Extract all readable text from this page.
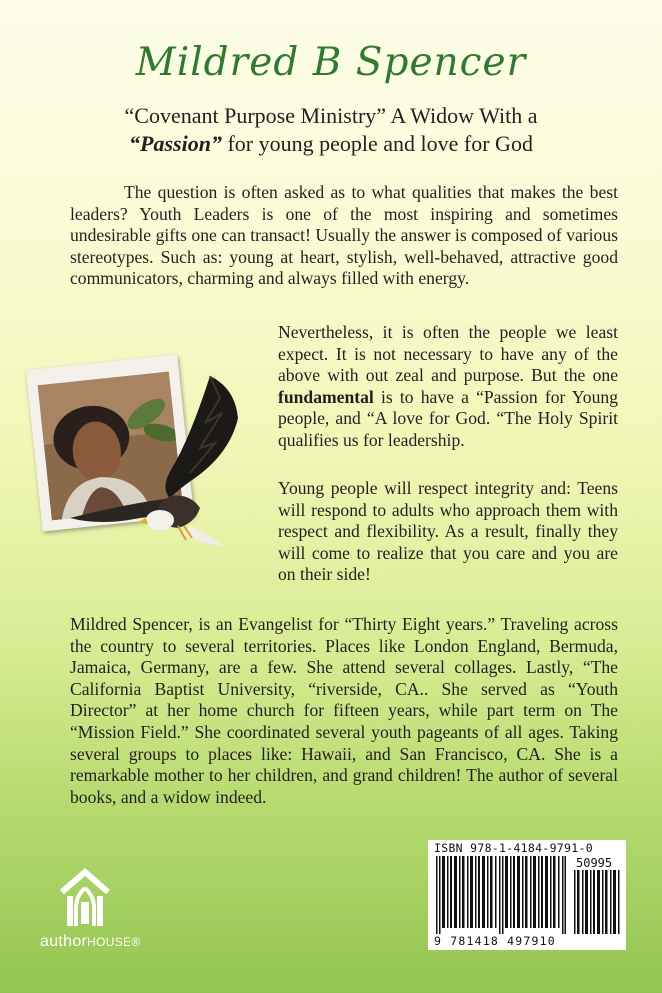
Mildred B Spencer
“Covenant Purpose Ministry” A Widow With a
“Passion” for young people and love for God

The question is often asked as to what qualities that makes the best leaders? Youth Leaders is one of the most inspiring and sometimes undesirable gifts one can transact! Usually the answer is composed of various stereotypes. Such as: young at heart, stylish, well-behaved, attractive good communicators, charming and always filled with energy.

Nevertheless, it is often the people we least expect. It is not necessary to have any of the above with out zeal and purpose. But the one fundamental is to have a “Passion for Young people, and “A love for God. “The Holy Spirit qualifies us for leadership.

Young people will respect integrity and: Teens will respond to adults who approach them with respect and flexibility. As a result, finally they will come to realize that you care and you are on their side!

Mildred Spencer, is an Evangelist for “Thirty Eight years.” Traveling across the country to several territories. Places like London England, Bermuda, Jamaica, Germany, are a few. She attend several collages. Lastly, “The California Baptist University, “riverside, CA.. She served as “Youth Director” at her home church for fifteen years, while part term on The “Mission Field.” She coordinated several youth pageants of all ages. Taking several groups to places like: Hawaii, and San Francisco, CA. She is a remarkable mother to her children, and grand children! The author of several books, and a widow indeed.

authorHOUSE®
ISBN 978-1-4184-9791-0
50995
9 781418 497910
